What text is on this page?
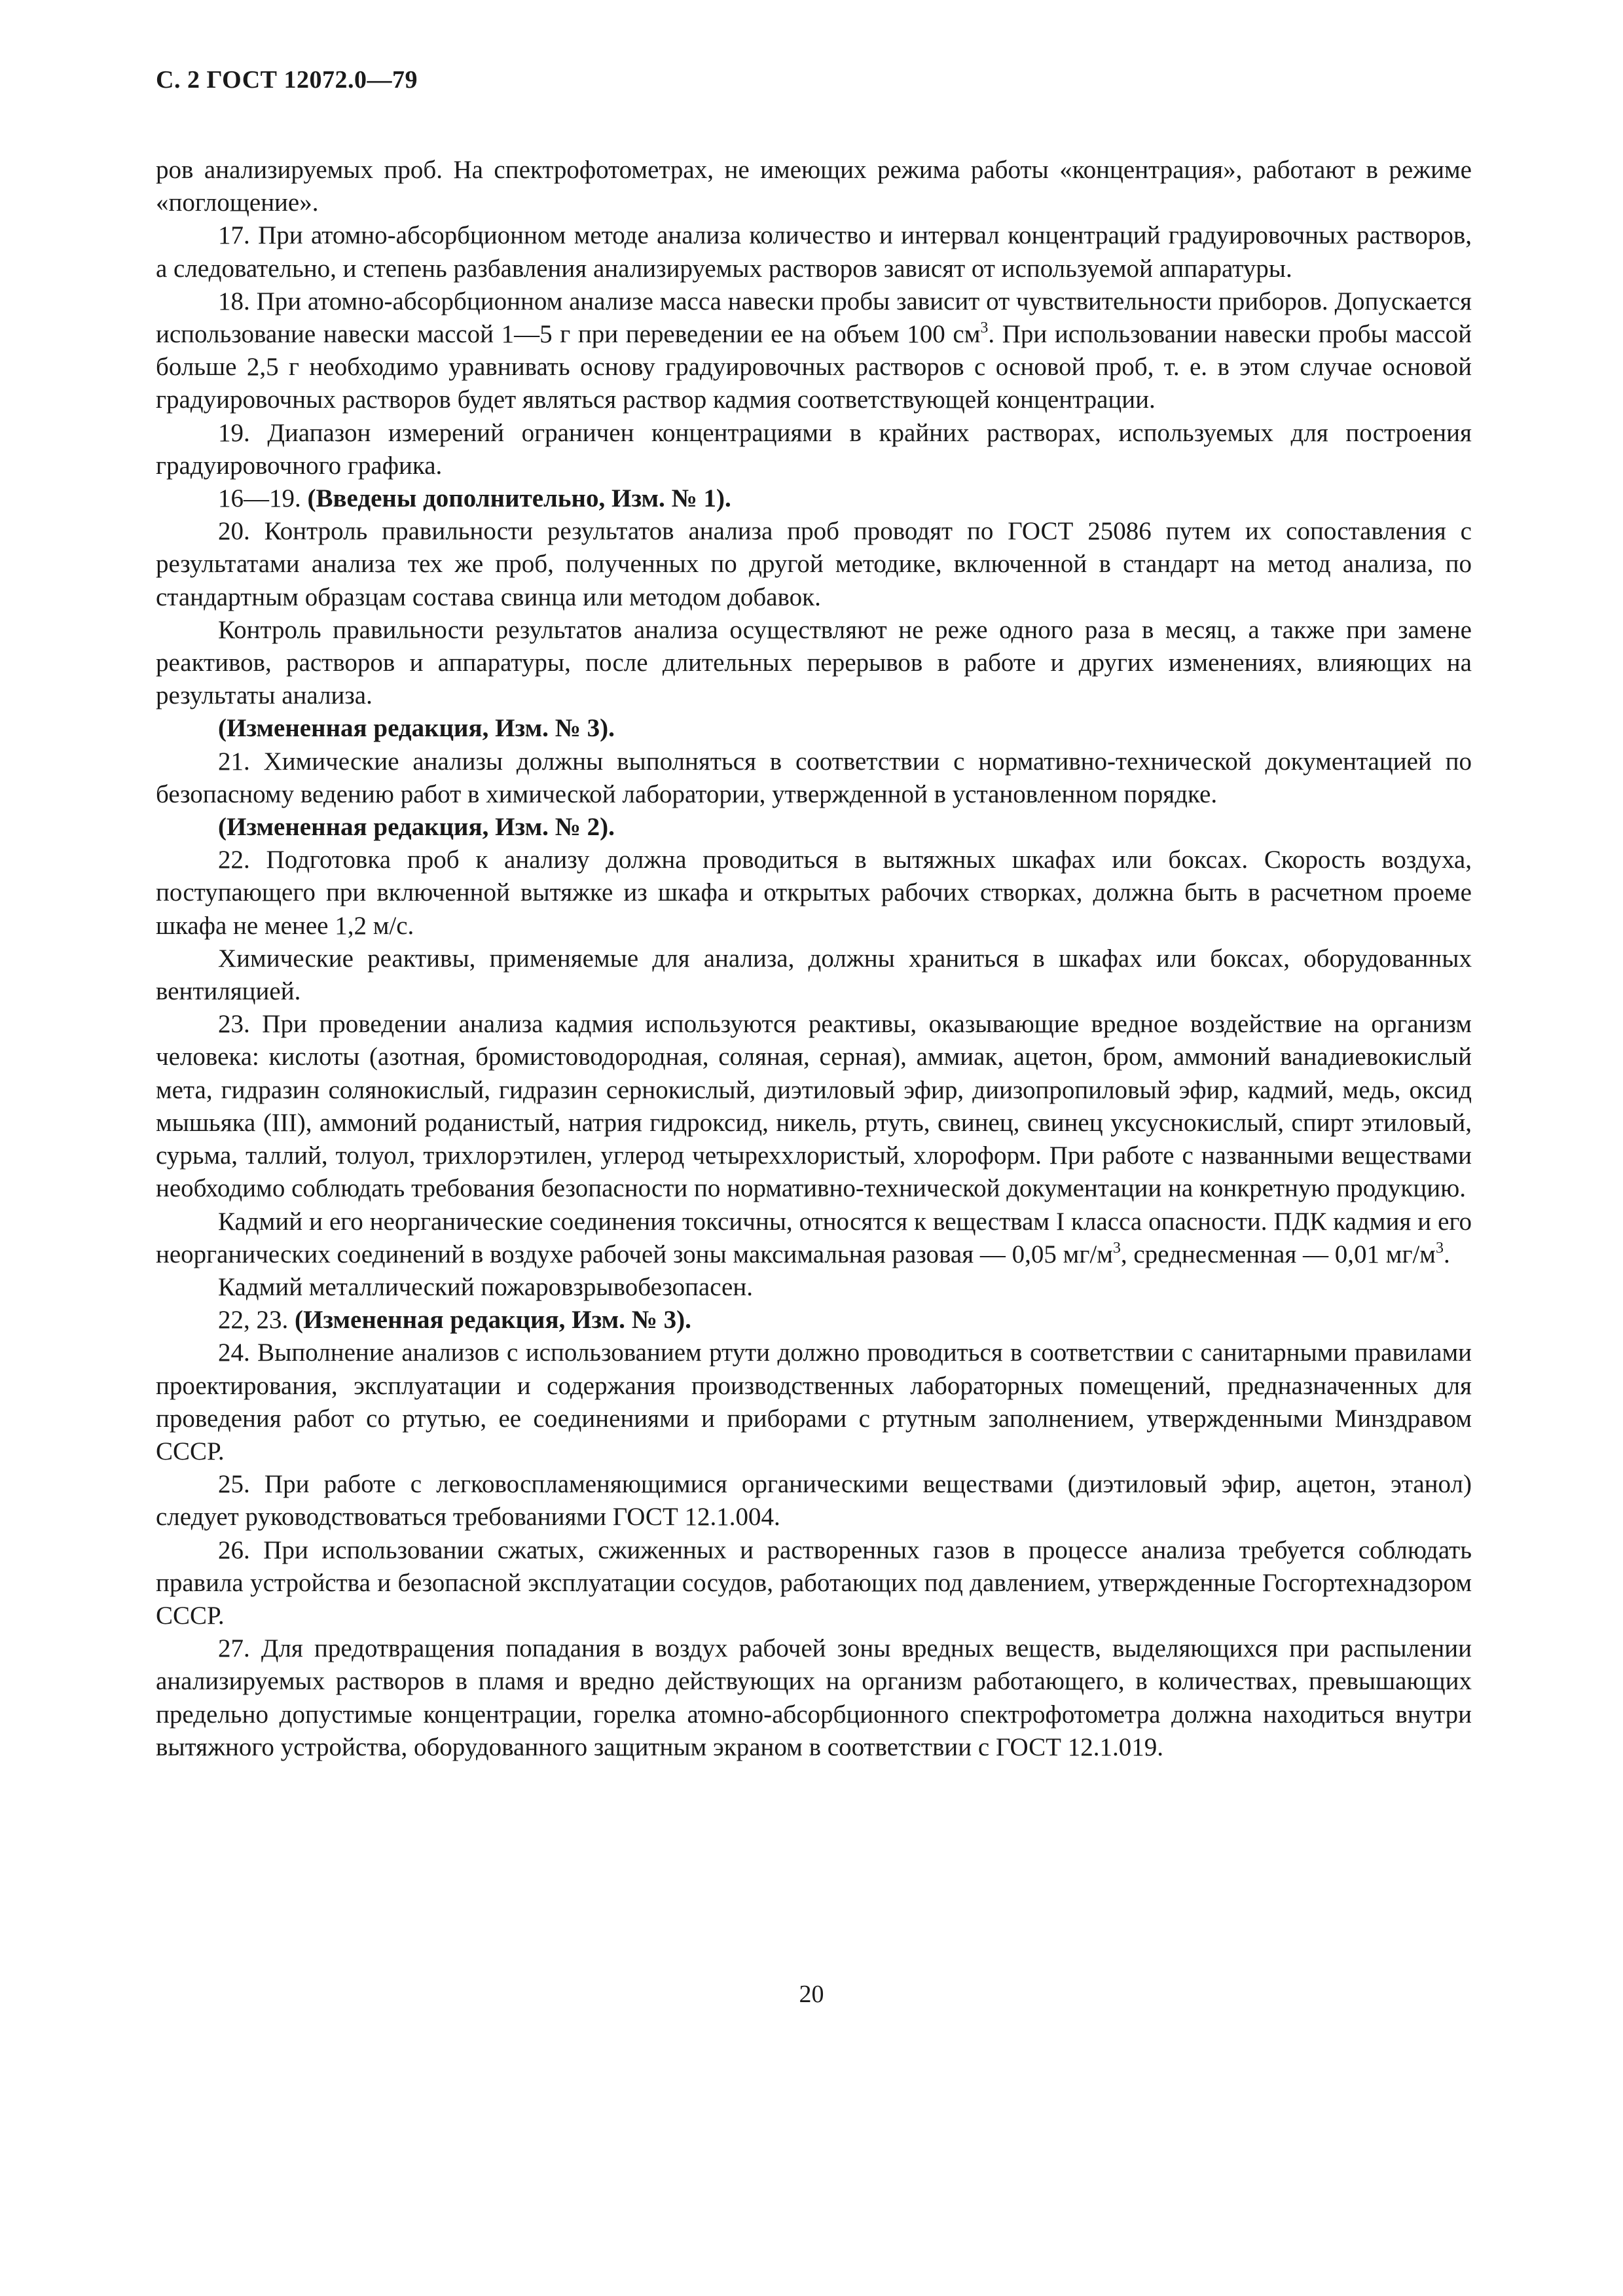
С. 2 ГОСТ 12072.0—79

ров анализируемых проб. На спектрофотометрах, не имеющих режима работы «концентрация», работают в режиме «поглощение».

17. При атомно-абсорбционном методе анализа количество и интервал концентраций градуировочных растворов, а следовательно, и степень разбавления анализируемых растворов зависят от используемой аппаратуры.

18. При атомно-абсорбционном анализе масса навески пробы зависит от чувствительности приборов. Допускается использование навески массой 1—5 г при переведении ее на объем 100 $см^3$. При использовании навески пробы массой больше 2,5 г необходимо уравнивать основу градуировочных растворов с основой проб, т. е. в этом случае основой градуировочных растворов будет являться раствор кадмия соответствующей концентрации.

19. Диапазон измерений ограничен концентрациями в крайних растворах, используемых для построения градуировочного графика.

16—19. (Введены дополнительно, Изм. № 1).

20. Контроль правильности результатов анализа проб проводят по ГОСТ 25086 путем их сопоставления с результатами анализа тех же проб, полученных по другой методике, включенной в стандарт на метод анализа, по стандартным образцам состава свинца или методом добавок.

Контроль правильности результатов анализа осуществляют не реже одного раза в месяц, а также при замене реактивов, растворов и аппаратуры, после длительных перерывов в работе и других изменениях, влияющих на результаты анализа.

(Измененная редакция, Изм. № 3).

21. Химические анализы должны выполняться в соответствии с нормативно-технической документацией по безопасному ведению работ в химической лаборатории, утвержденной в установленном порядке.

(Измененная редакция, Изм. № 2).

22. Подготовка проб к анализу должна проводиться в вытяжных шкафах или боксах. Скорость воздуха, поступающего при включенной вытяжке из шкафа и открытых рабочих створках, должна быть в расчетном проеме шкафа не менее 1,2 м/с.

Химические реактивы, применяемые для анализа, должны храниться в шкафах или боксах, оборудованных вентиляцией.

23. При проведении анализа кадмия используются реактивы, оказывающие вредное воздействие на организм человека: кислоты (азотная, бромистоводородная, соляная, серная), аммиак, ацетон, бром, аммоний ванадиевокислый мета, гидразин солянокислый, гидразин сернокислый, диэтиловый эфир, диизопропиловый эфир, кадмий, медь, оксид мышьяка (III), аммоний роданистый, натрия гидроксид, никель, ртуть, свинец, свинец уксуснокислый, спирт этиловый, сурьма, таллий, толуол, трихлорэтилен, углерод четыреххлористый, хлороформ. При работе с названными веществами необходимо соблюдать требования безопасности по нормативно-технической документации на конкретную продукцию.

Кадмий и его неорганические соединения токсичны, относятся к веществам I класса опасности. ПДК кадмия и его неорганических соединений в воздухе рабочей зоны максимальная разовая — 0,05 $мг/м^3$, среднесменная — 0,01 $мг/м^3$.

Кадмий металлический пожаровзрывобезопасен.

22, 23. (Измененная редакция, Изм. № 3).

24. Выполнение анализов с использованием ртути должно проводиться в соответствии с санитарными правилами проектирования, эксплуатации и содержания производственных лабораторных помещений, предназначенных для проведения работ со ртутью, ее соединениями и приборами с ртутным заполнением, утвержденными Минздравом СССР.

25. При работе с легковоспламеняющимися органическими веществами (диэтиловый эфир, ацетон, этанол) следует руководствоваться требованиями ГОСТ 12.1.004.

26. При использовании сжатых, сжиженных и растворенных газов в процессе анализа требуется соблюдать правила устройства и безопасной эксплуатации сосудов, работающих под давлением, утвержденные Госгортехнадзором СССР.

27. Для предотвращения попадания в воздух рабочей зоны вредных веществ, выделяющихся при распылении анализируемых растворов в пламя и вредно действующих на организм работающего, в количествах, превышающих предельно допустимые концентрации, горелка атомно-абсорбционного спектрофотометра должна находиться внутри вытяжного устройства, оборудованного защитным экраном в соответствии с ГОСТ 12.1.019.

20
